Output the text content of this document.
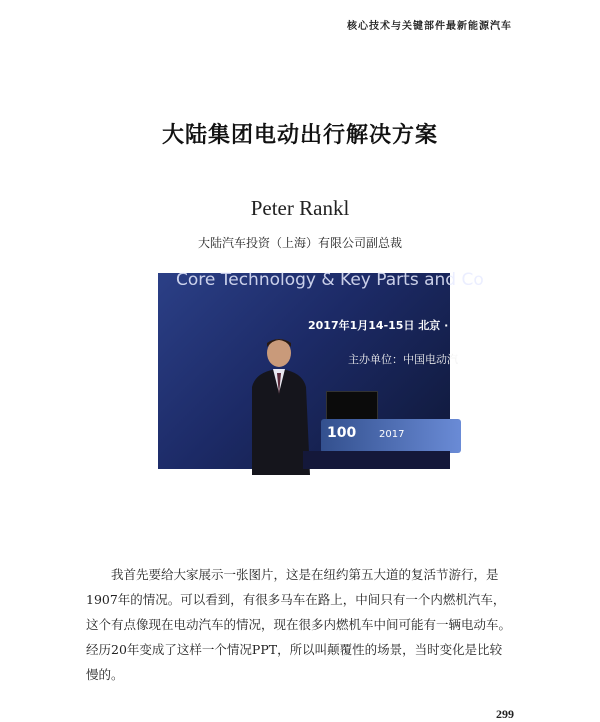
核心技术与关键部件最新能源汽车
大陆集团电动出行解决方案
Peter Rankl
大陆汽车投资（上海）有限公司副总裁
Core Technology & Key Parts and Co
2017年1月14-15日 北京 · 钓鱼
主办单位：中国电动汽
100 2017

我首先要给大家展示一张图片，这是在纽约第五大道的复活节游行，是1907年的情况。可以看到，有很多马车在路上，中间只有一个内燃机汽车，这个有点像现在电动汽车的情况，现在很多内燃机车中间可能有一辆电动车。经历20年变成了这样一个情况PPT，所以叫颠覆性的场景，当时变化是比较慢的。

299
